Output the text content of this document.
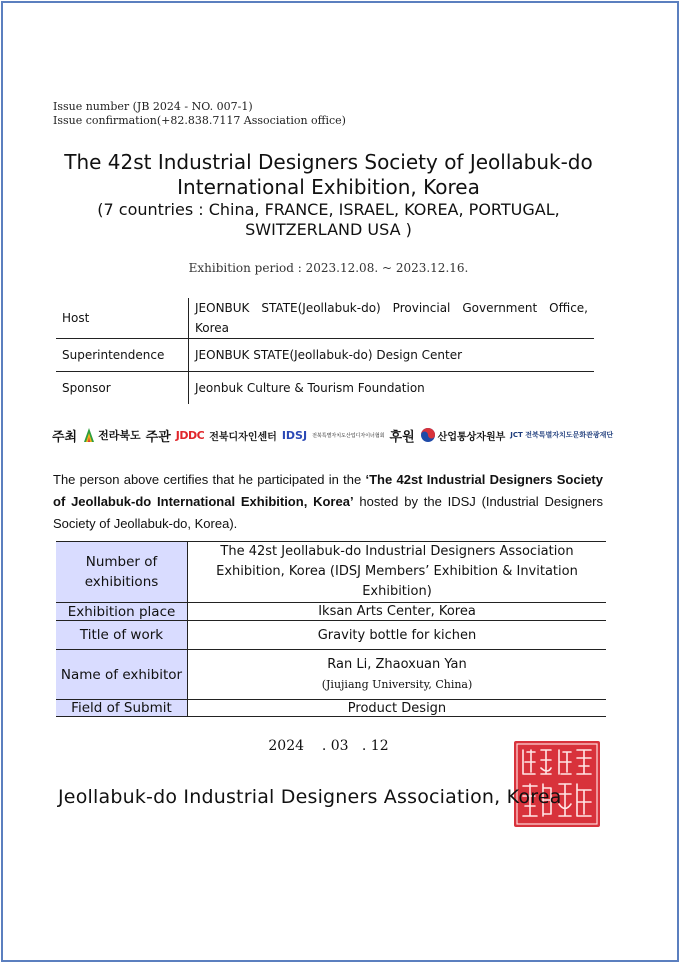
Issue number (JB 2024 - NO. 007-1)
Issue confirmation(+82.838.7117 Association office)
The 42st Industrial Designers Society of Jeollabuk-do
International Exhibition, Korea
(7 countries : China, FRANCE, ISRAEL, KOREA, PORTUGAL, SWITZERLAND USA )
Exhibition period : 2023.12.08. ~ 2023.12.16.
Host	JEONBUK STATE(Jeollabuk-do) Provincial Government Office, Korea
Superintendence	JEONBUK STATE(Jeollabuk-do) Design Center
Sponsor	Jeonbuk Culture & Tourism Foundation
주최 전라북도 주관 JDDC 전북디자인센터 IDSJ 전북특별자치도산업디자이너협회 후원 산업통상자원부 JCT 전북특별자치도문화관광재단
The person above certifies that he participated in the ‘The 42st Industrial Designers Society of Jeollabuk-do International Exhibition, Korea’ hosted by the IDSJ (Industrial Designers Society of Jeollabuk-do, Korea).
Number of exhibitions	The 42st Jeollabuk-do Industrial Designers Association Exhibition, Korea (IDSJ Members’ Exhibition & Invitation Exhibition)
Exhibition place	Iksan Arts Center, Korea
Title of work	Gravity bottle for kichen
Name of exhibitor	Ran Li, Zhaoxuan Yan
(Jiujiang University, China)

Field of Submit	Product Design
2024    . 03   . 12
Jeollabuk-do Industrial Designers Association, Korea
